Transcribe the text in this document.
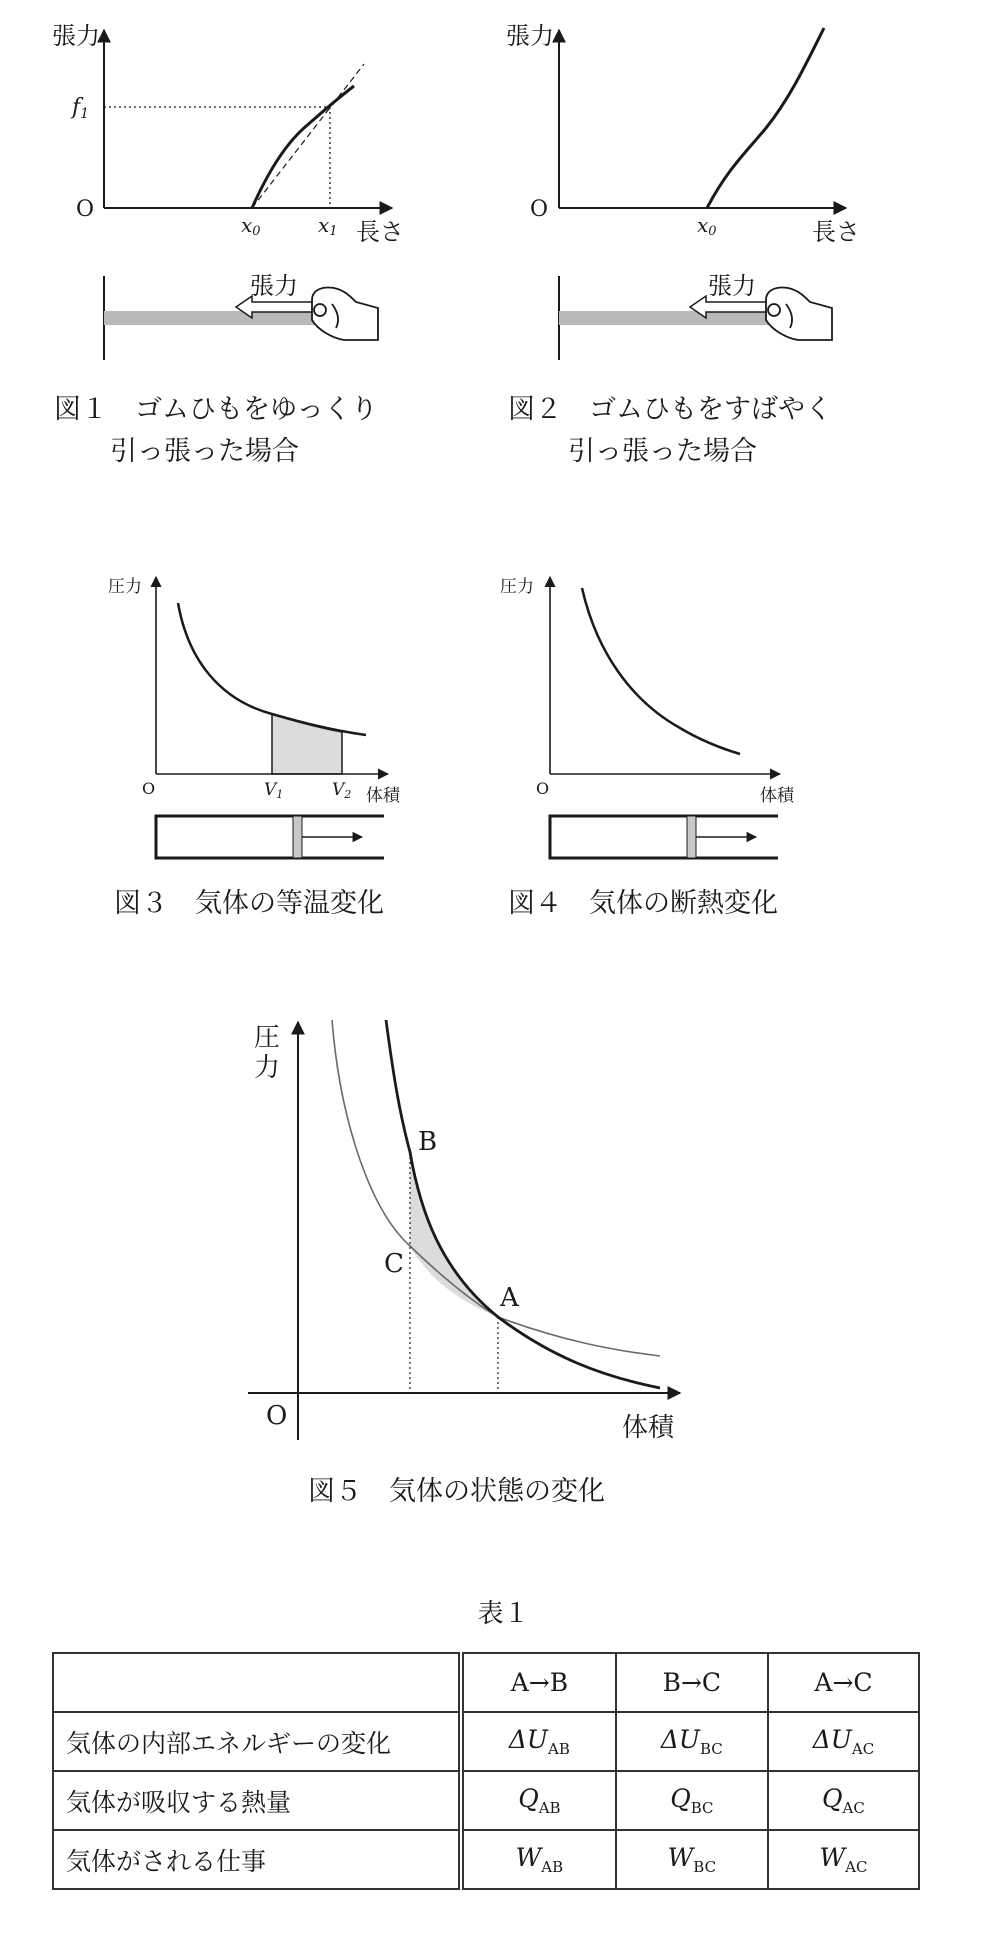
張力
長さ
O
f1
x0	x1
張力
図１　ゴムひもをゆっくり
引っ張った場合
張力
長さ
O
x0
張力
図２　ゴムひもをすばやく
引っ張った場合
圧力
体積
O	V1	V2
図３　気体の等温変化
圧力
体積
O
図４　気体の断熱変化
圧
力
体積
O
B
C
A
図５　気体の状態の変化
表１
	A→B	B→C	A→C
気体の内部エネルギーの変化	$\Delta U_{AB}$	$\Delta U_{BC}$	$\Delta U_{AC}$
気体が吸収する熱量	$Q_{AB}$	$Q_{BC}$	$Q_{AC}$
気体がされる仕事	$W_{AB}$	$W_{BC}$	$W_{AC}$
